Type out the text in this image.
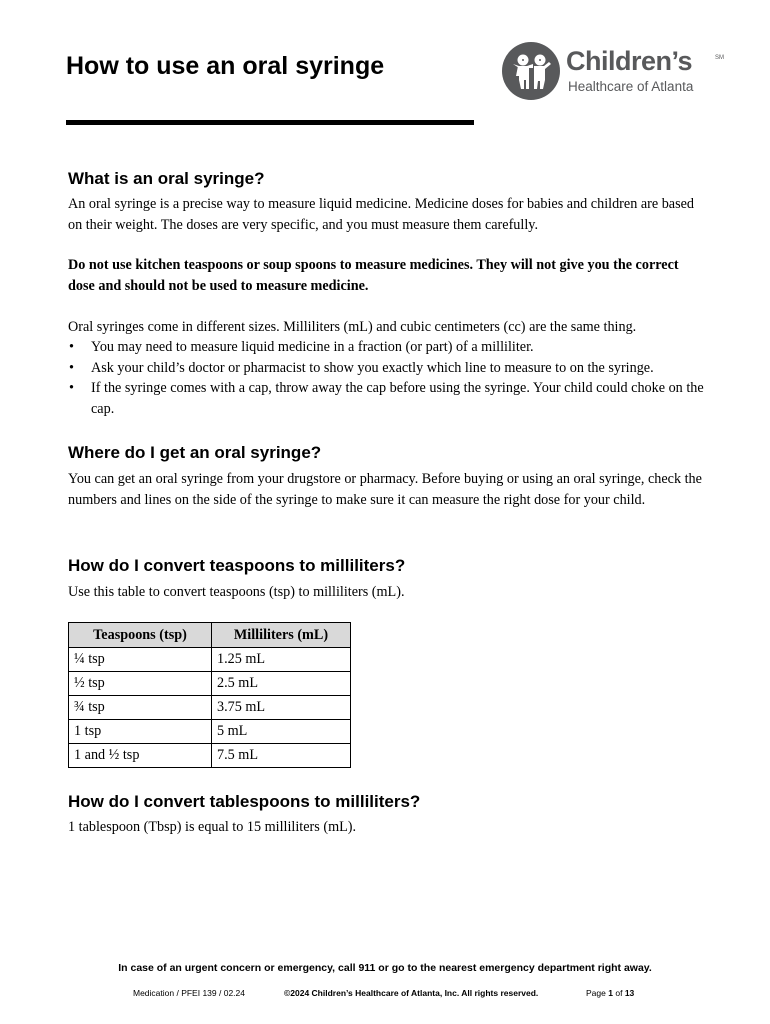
How to use an oral syringe	Children’s	SM
Healthcare of Atlanta
What is an oral syringe?
An oral syringe is a precise way to measure liquid medicine. Medicine doses for babies and children are based on their weight. The doses are very specific, and you must measure them carefully.
Do not use kitchen teaspoons or soup spoons to measure medicines. They will not give you the correct dose and should not be used to measure medicine.
Oral syringes come in different sizes. Milliliters (mL) and cubic centimeters (cc) are the same thing.
• You may need to measure liquid medicine in a fraction (or part) of a milliliter.
• Ask your child’s doctor or pharmacist to show you exactly which line to measure to on the syringe.
• If the syringe comes with a cap, throw away the cap before using the syringe. Your child could choke on the cap.
Where do I get an oral syringe?
You can get an oral syringe from your drugstore or pharmacy. Before buying or using an oral syringe, check the numbers and lines on the side of the syringe to make sure it can measure the right dose for your child.
How do I convert teaspoons to milliliters?
Use this table to convert teaspoons (tsp) to milliliters (mL).
Teaspoons (tsp)	Milliliters (mL)
¼ tsp	1.25 mL
½ tsp	2.5 mL
¾ tsp	3.75 mL
1 tsp	5 mL
1 and ½ tsp	7.5 mL
How do I convert tablespoons to milliliters?
1 tablespoon (Tbsp) is equal to 15 milliliters (mL).
In case of an urgent concern or emergency, call 911 or go to the nearest emergency department right away.
Medication / PFEI 139 / 02.24	©2024 Children’s Healthcare of Atlanta, Inc. All rights reserved.	Page 1 of 13
